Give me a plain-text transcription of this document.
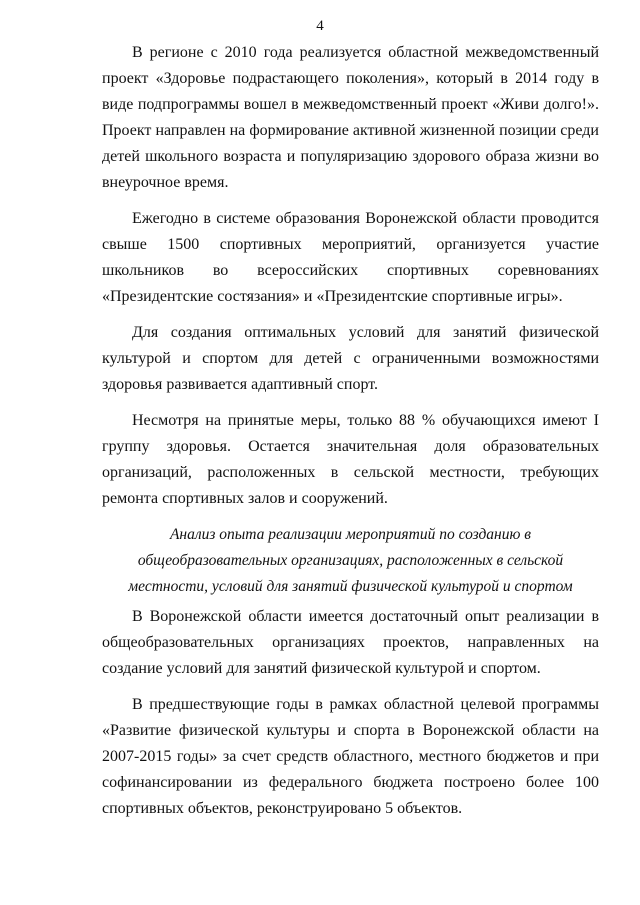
4

В регионе с 2010 года реализуется областной межведомственный проект «Здоровье подрастающего поколения», который в 2014 году в виде подпрограммы вошел в межведомственный проект «Живи долго!». Проект направлен на формирование активной жизненной позиции среди детей школьного возраста и популяризацию здорового образа жизни во внеурочное время.

Ежегодно в системе образования Воронежской области проводится свыше 1500 спортивных мероприятий, организуется участие школьников во всероссийских спортивных соревнованиях «Президентские состязания» и «Президентские спортивные игры».

Для создания оптимальных условий для занятий физической культурой и спортом для детей с ограниченными возможностями здоровья развивается адаптивный спорт.

Несмотря на принятые меры, только 88 % обучающихся имеют I группу здоровья. Остается значительная доля образовательных организаций, расположенных в сельской местности, требующих ремонта спортивных залов и сооружений.

Анализ опыта реализации мероприятий по созданию в общеобразовательных организациях, расположенных в сельской местности, условий для занятий физической культурой и спортом

В Воронежской области имеется достаточный опыт реализации в общеобразовательных организациях проектов, направленных на создание условий для занятий физической культурой и спортом.

В предшествующие годы в рамках областной целевой программы «Развитие физической культуры и спорта в Воронежской области на 2007-2015 годы» за счет средств областного, местного бюджетов и при софинансировании из федерального бюджета построено более 100 спортивных объектов, реконструировано 5 объектов.
